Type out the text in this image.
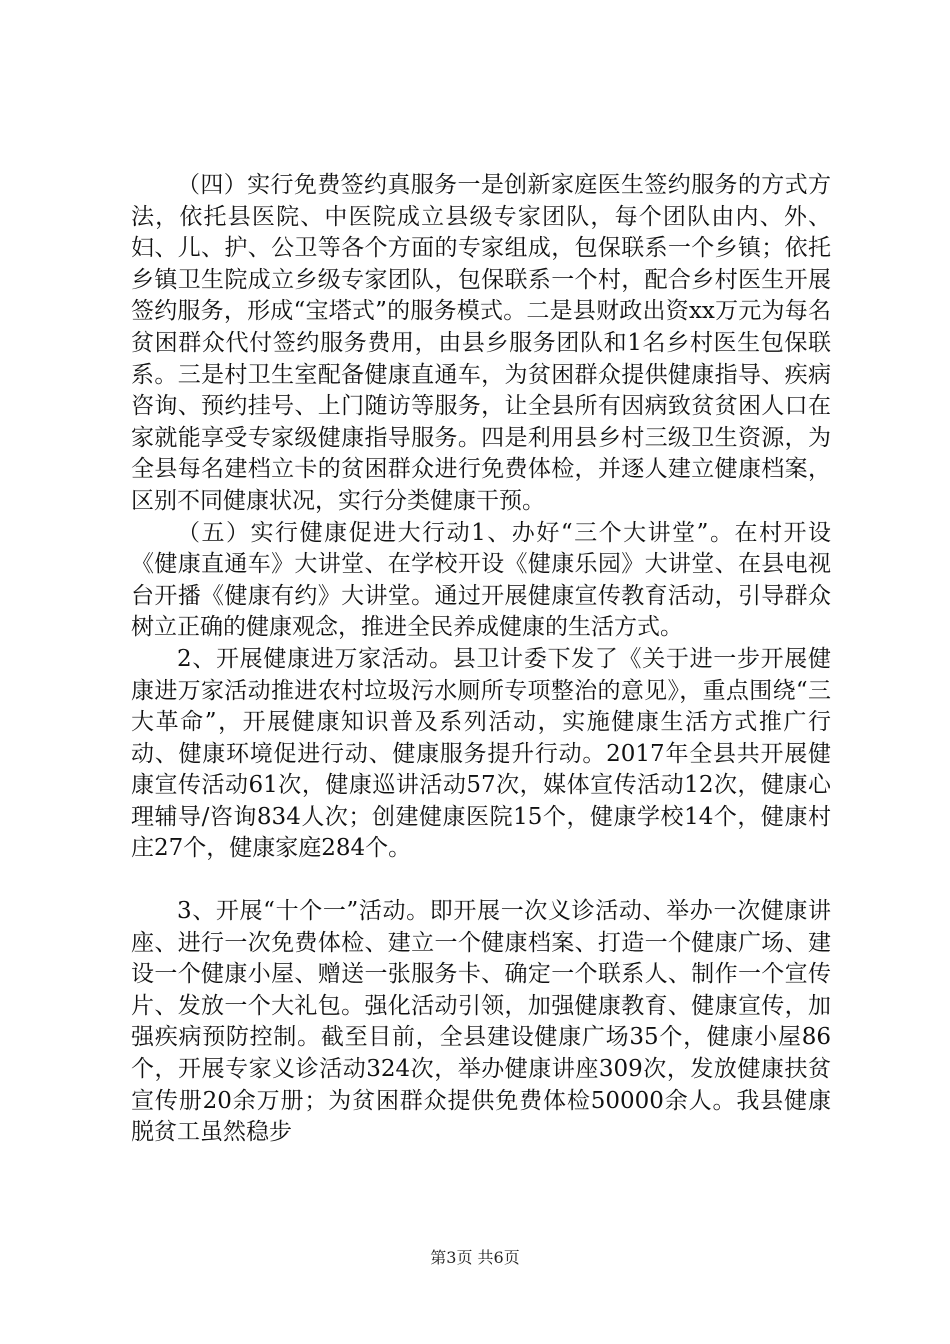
（四）实行免费签约真服务一是创新家庭医生签约服务的方式方法，依托县医院、中医院成立县级专家团队，每个团队由内、外、妇、儿、护、公卫等各个方面的专家组成，包保联系一个乡镇；依托乡镇卫生院成立乡级专家团队，包保联系一个村，配合乡村医生开展签约服务，形成“宝塔式”的服务模式。二是县财政出资xx万元为每名贫困群众代付签约服务费用，由县乡服务团队和1名乡村医生包保联系。三是村卫生室配备健康直通车，为贫困群众提供健康指导、疾病咨询、预约挂号、上门随访等服务，让全县所有因病致贫贫困人口在家就能享受专家级健康指导服务。四是利用县乡村三级卫生资源，为全县每名建档立卡的贫困群众进行免费体检，并逐人建立健康档案，区别不同健康状况，实行分类健康干预。

（五）实行健康促进大行动1、办好“三个大讲堂”。在村开设《健康直通车》大讲堂、在学校开设《健康乐园》大讲堂、在县电视台开播《健康有约》大讲堂。通过开展健康宣传教育活动，引导群众树立正确的健康观念，推进全民养成健康的生活方式。

2、开展健康进万家活动。县卫计委下发了《关于进一步开展健康进万家活动推进农村垃圾污水厕所专项整治的意见》，重点围绕“三大革命”，开展健康知识普及系列活动，实施健康生活方式推广行动、健康环境促进行动、健康服务提升行动。2017年全县共开展健康宣传活动61次，健康巡讲活动57次，媒体宣传活动12次，健康心理辅导/咨询834人次；创建健康医院15个，健康学校14个，健康村庄27个，健康家庭284个。

3、开展“十个一”活动。即开展一次义诊活动、举办一次健康讲座、进行一次免费体检、建立一个健康档案、打造一个健康广场、建设一个健康小屋、赠送一张服务卡、确定一个联系人、制作一个宣传片、发放一个大礼包。强化活动引领，加强健康教育、健康宣传，加强疾病预防控制。截至目前，全县建设健康广场35个，健康小屋86个，开展专家义诊活动324次，举办健康讲座309次，发放健康扶贫宣传册20余万册；为贫困群众提供免费体检50000余人。我县健康脱贫工虽然稳步

第3页 共6页
